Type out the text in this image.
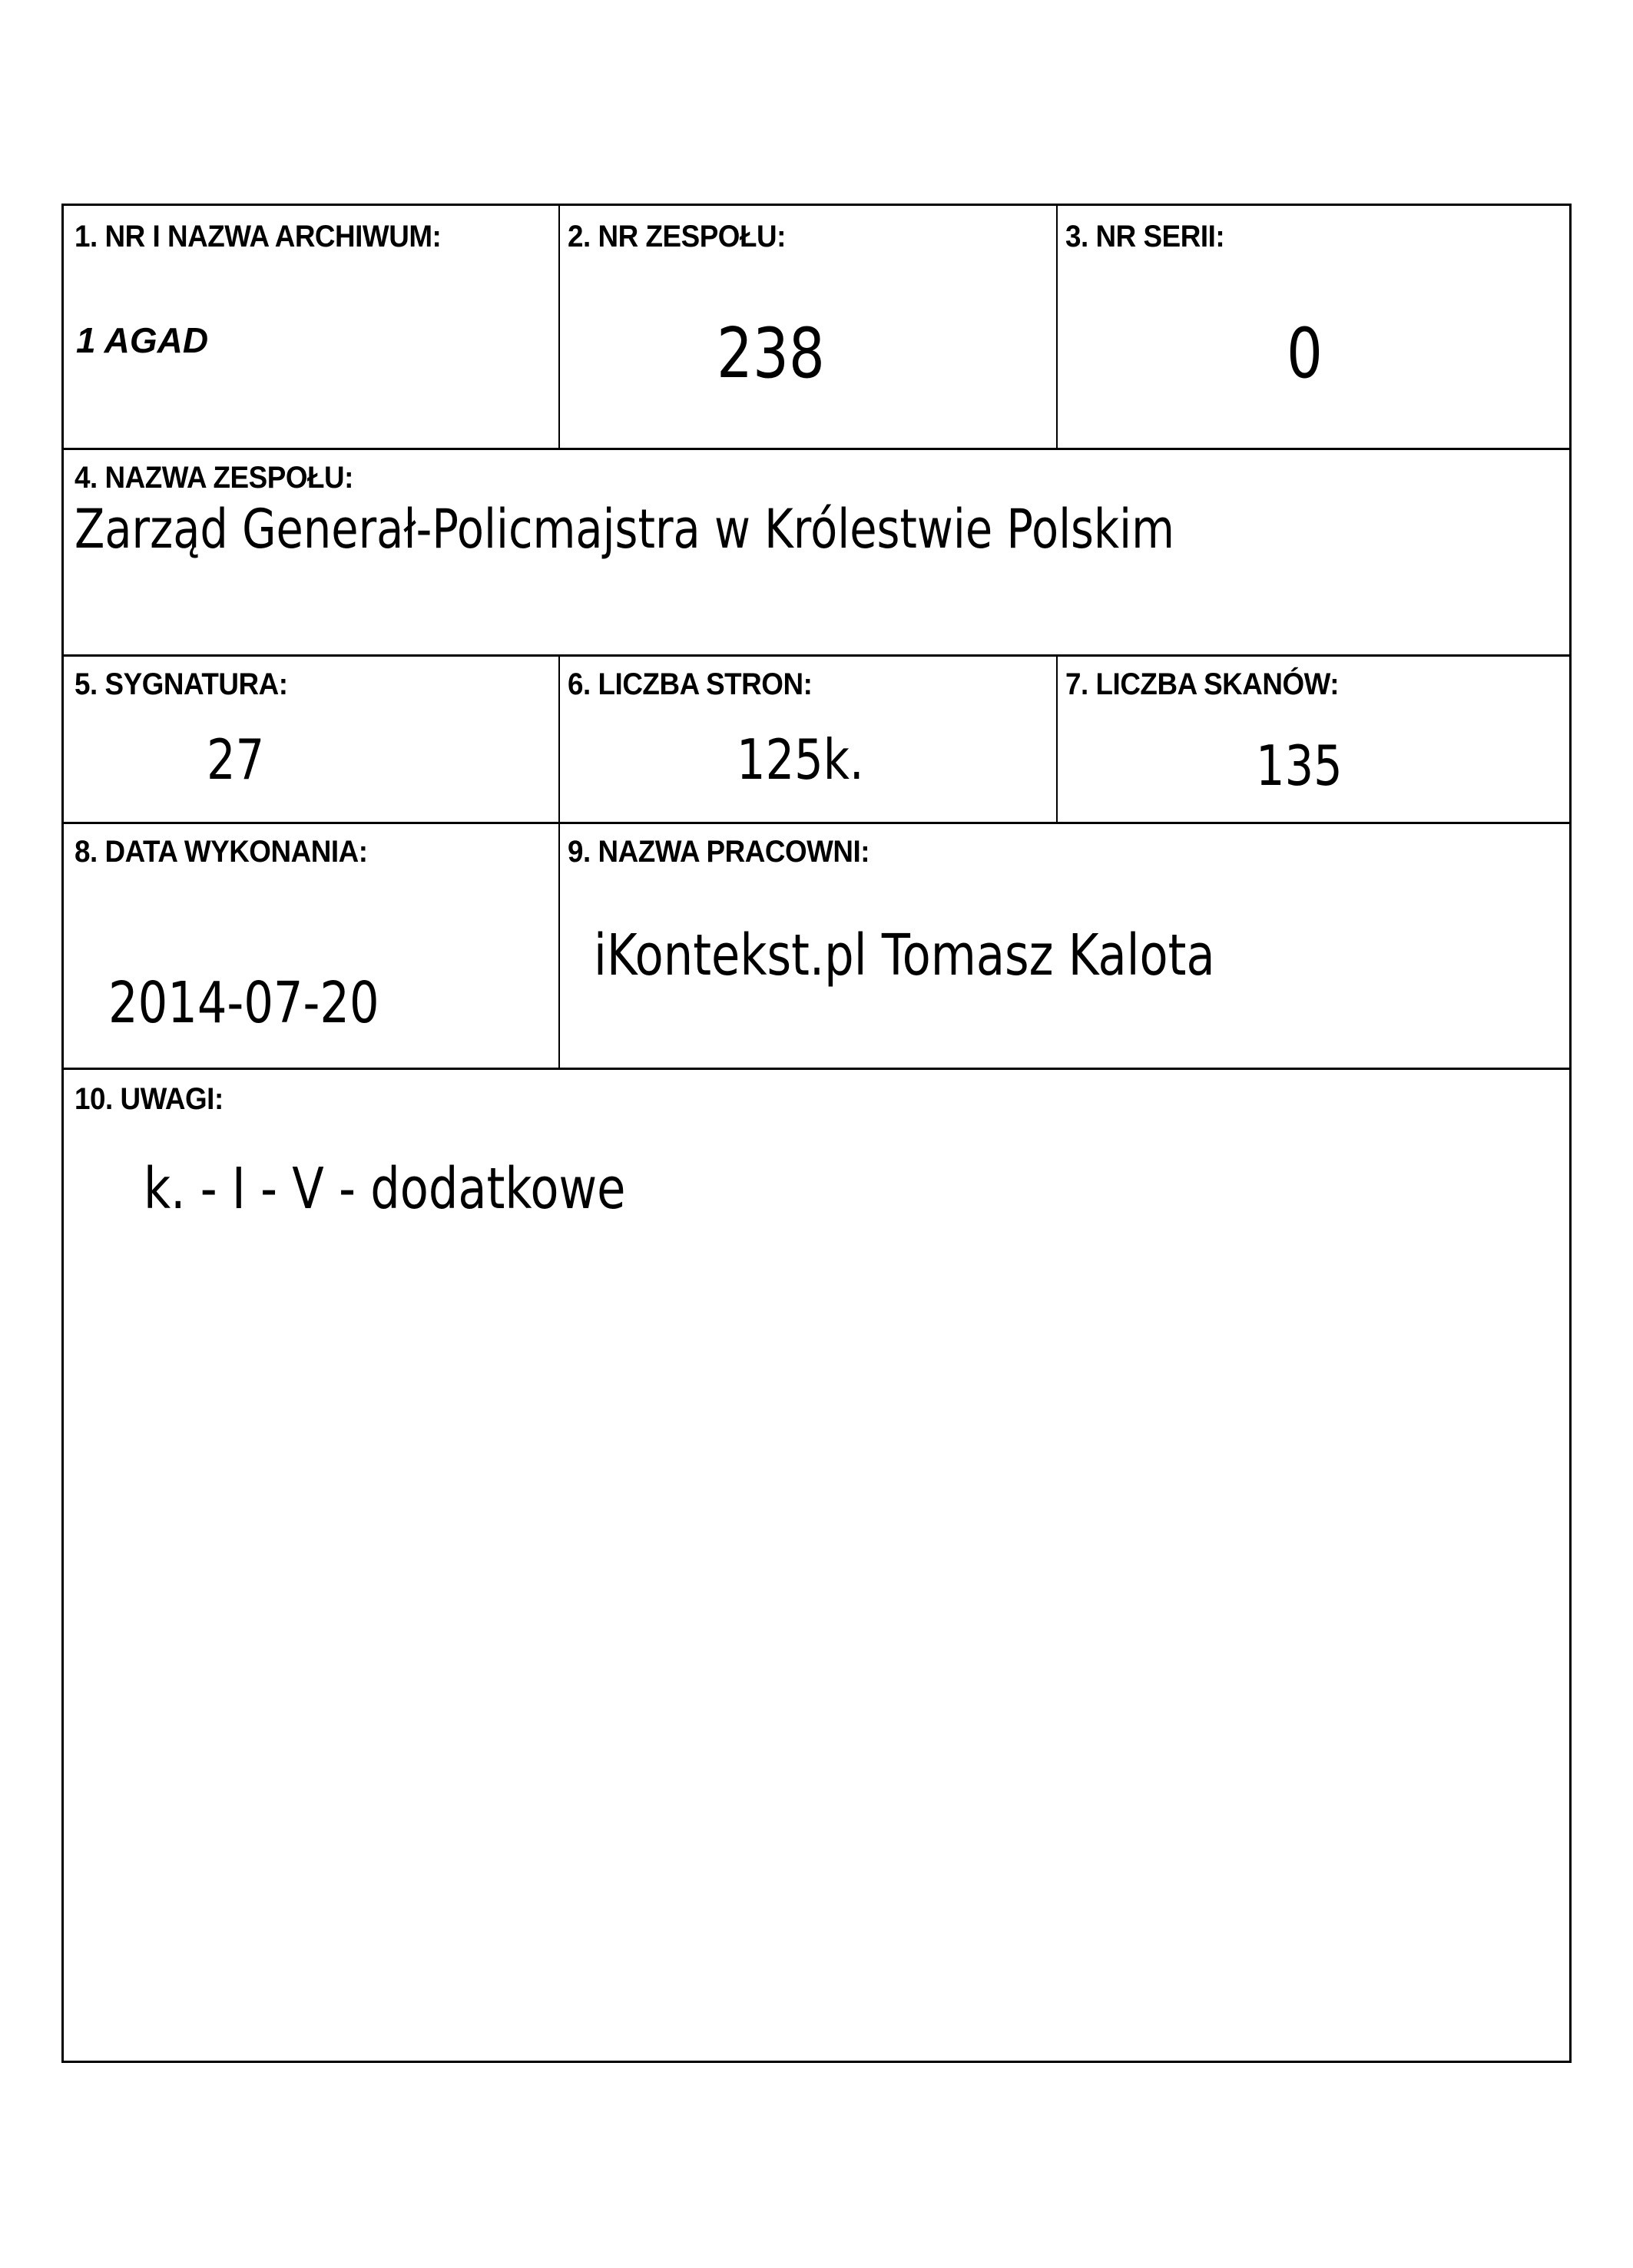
1. NR I NAZWA ARCHIWUM:
1 AGAD
2. NR ZESPOŁU:
238
3. NR SERII:
0
4. NAZWA ZESPOŁU:
Zarząd Generał-Policmajstra w Królestwie Polskim
5. SYGNATURA:
27
6. LICZBA STRON:
125k.
7. LICZBA SKANÓW:
135
8. DATA WYKONANIA:
2014-07-20
9. NAZWA PRACOWNI:
iKontekst.pl Tomasz Kalota
10. UWAGI:
k. - I - V - dodatkowe
